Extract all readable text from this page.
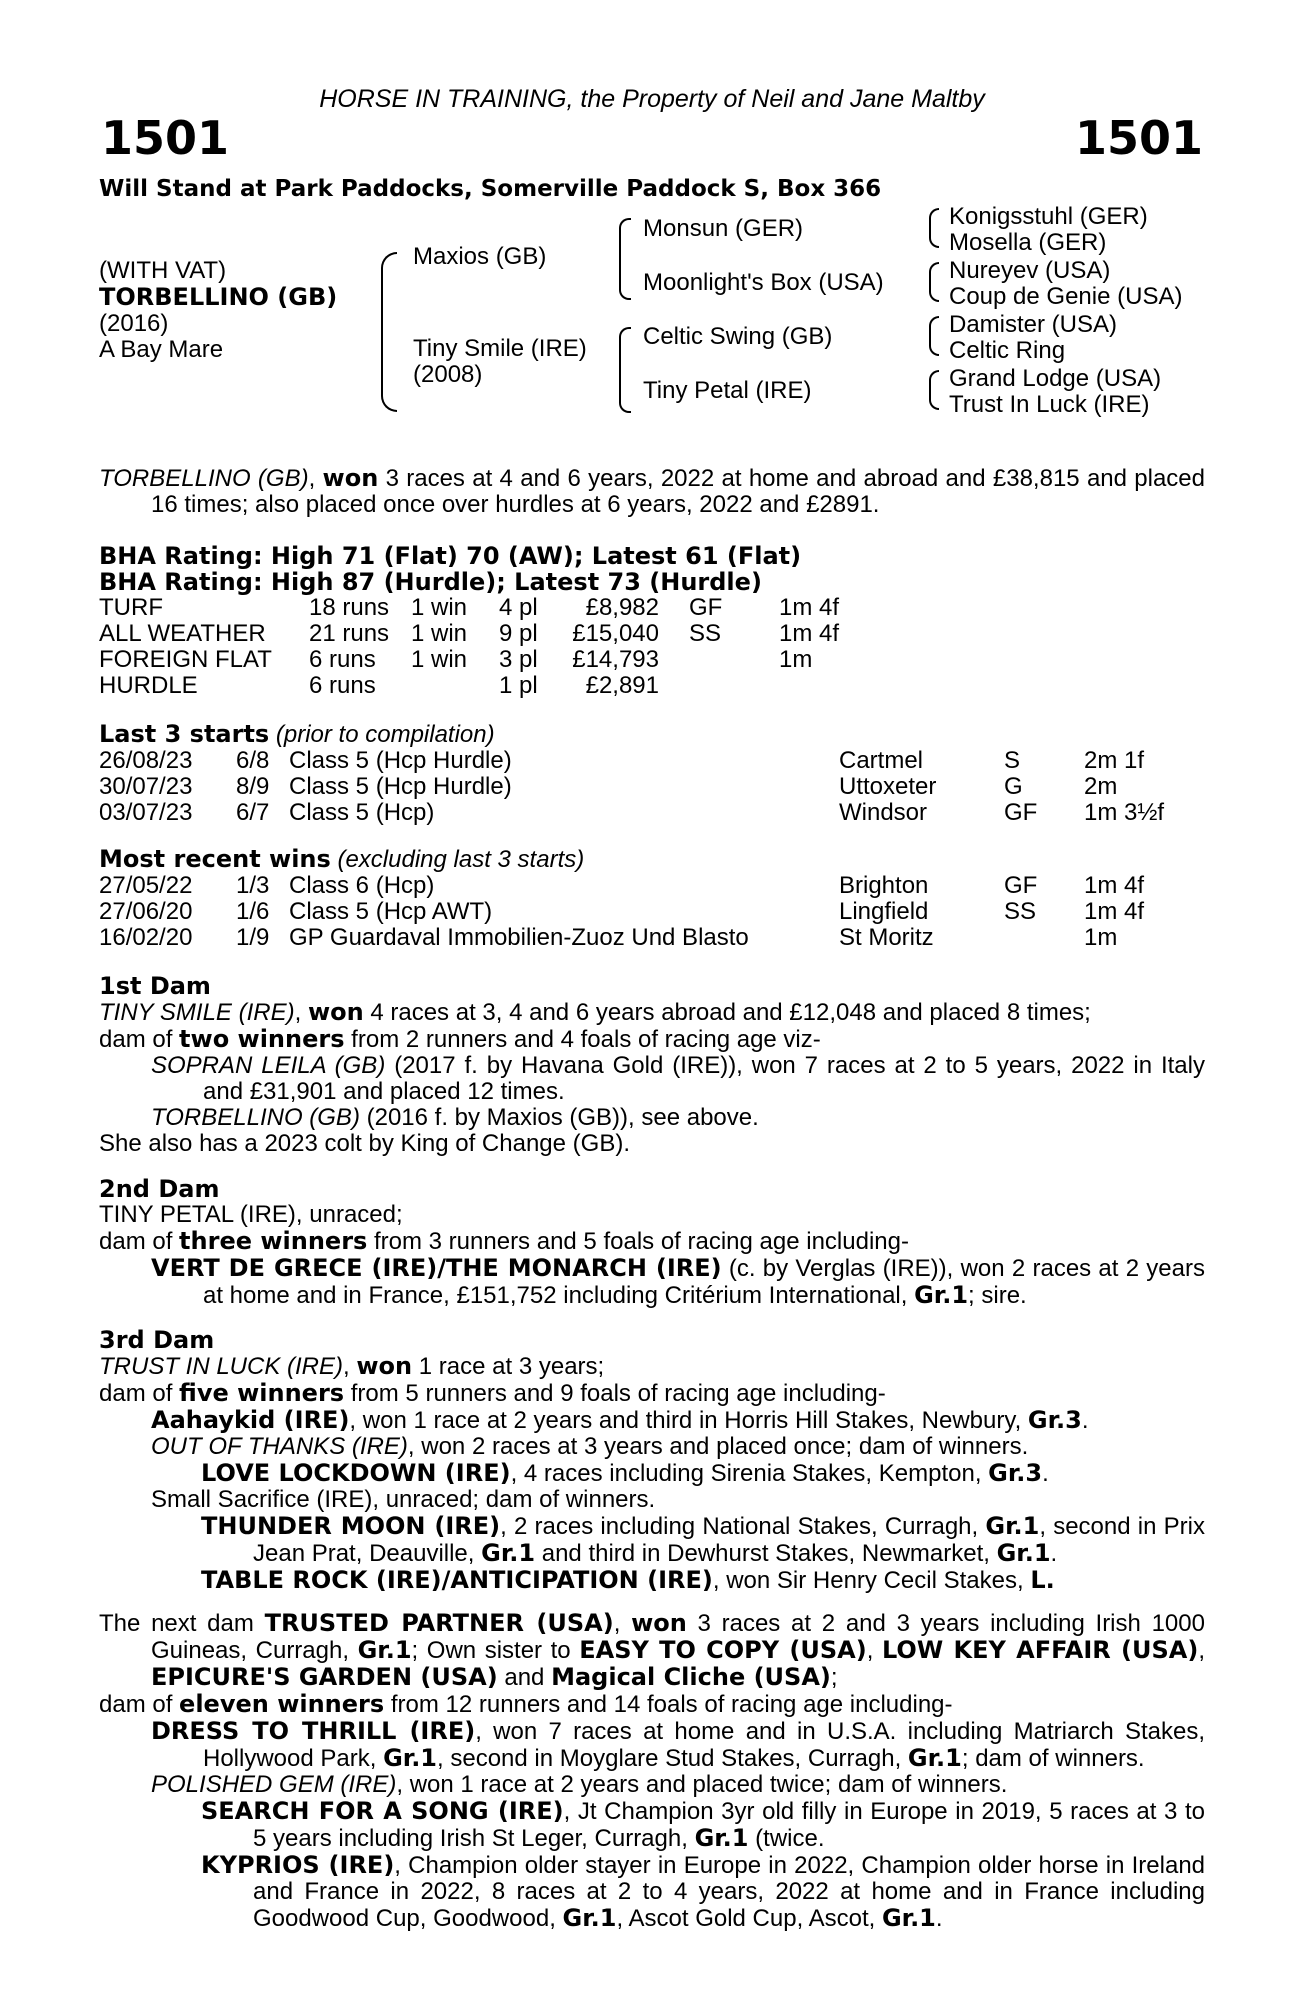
HORSE IN TRAINING, the Property of Neil and Jane Maltby
1501	1501
Will Stand at Park Paddocks, Somerville Paddock S, Box 366
(WITH VAT)
TORBELLINO (GB)
(2016)
A Bay Mare
Maxios (GB)
Tiny Smile (IRE)
(2008)
Monsun (GER)
Moonlight's Box (USA)
Celtic Swing (GB)
Tiny Petal (IRE)
Konigsstuhl (GER)
Mosella (GER)
Nureyev (USA)
Coup de Genie (USA)
Damister (USA)
Celtic Ring
Grand Lodge (USA)
Trust In Luck (IRE)

TORBELLINO (GB), won 3 races at 4 and 6 years, 2022 at home and abroad and £38,815 and placed 16 times; also placed once over hurdles at 6 years, 2022 and £2891.

BHA Rating: High 71 (Flat) 70 (AW); Latest 61 (Flat)
BHA Rating: High 87 (Hurdle); Latest 73 (Hurdle)
TURF	18 runs 1 win 4 pl £8,982 GF 1m 4f
ALL WEATHER 21 runs 1 win 9 pl £15,040 SS 1m 4f
FOREIGN FLAT 6 runs 1 win 3 pl £14,793	1m
HURDLE	6 runs	1 pl £2,891
Last 3 starts (prior to compilation)
26/08/23 6/8 Class 5 (Hcp Hurdle)	Cartmel	S	2m 1f
30/07/23 8/9 Class 5 (Hcp Hurdle)	Uttoxeter	G	2m
03/07/23 6/7 Class 5 (Hcp)	Windsor	GF 1m 3½f
Most recent wins (excluding last 3 starts)
27/05/22 1/3 Class 6 (Hcp)	Brighton	GF 1m 4f
27/06/20 1/6 Class 5 (Hcp AWT)	Lingfield	SS 1m 4f
16/02/20 1/9 GP Guardaval Immobilien-Zuoz Und Blasto	St Moritz	1m
1st Dam

TINY SMILE (IRE), won 4 races at 3, 4 and 6 years abroad and £12,048 and placed 8 times;

dam of two winners from 2 runners and 4 foals of racing age viz-

SOPRAN LEILA (GB) (2017 f. by Havana Gold (IRE)), won 7 races at 2 to 5 years, 2022 in Italy and £31,901 and placed 12 times.

TORBELLINO (GB) (2016 f. by Maxios (GB)), see above.

She also has a 2023 colt by King of Change (GB).

2nd Dam

TINY PETAL (IRE), unraced;

dam of three winners from 3 runners and 5 foals of racing age including-

VERT DE GRECE (IRE)/THE MONARCH (IRE) (c. by Verglas (IRE)), won 2 races at 2 years at home and in France, £151,752 including Critérium International, Gr.1; sire.

3rd Dam

TRUST IN LUCK (IRE), won 1 race at 3 years;

dam of five winners from 5 runners and 9 foals of racing age including-

Aahaykid (IRE), won 1 race at 2 years and third in Horris Hill Stakes, Newbury, Gr.3.

OUT OF THANKS (IRE), won 2 races at 3 years and placed once; dam of winners.

LOVE LOCKDOWN (IRE), 4 races including Sirenia Stakes, Kempton, Gr.3.

Small Sacrifice (IRE), unraced; dam of winners.

THUNDER MOON (IRE), 2 races including National Stakes, Curragh, Gr.1, second in Prix Jean Prat, Deauville, Gr.1 and third in Dewhurst Stakes, Newmarket, Gr.1.

TABLE ROCK (IRE)/ANTICIPATION (IRE), won Sir Henry Cecil Stakes, L.

The next dam TRUSTED PARTNER (USA), won 3 races at 2 and 3 years including Irish 1000 Guineas, Curragh, Gr.1; Own sister to EASY TO COPY (USA), LOW KEY AFFAIR (USA), EPICURE'S GARDEN (USA) and Magical Cliche (USA);

dam of eleven winners from 12 runners and 14 foals of racing age including-

DRESS TO THRILL (IRE), won 7 races at home and in U.S.A. including Matriarch Stakes, Hollywood Park, Gr.1, second in Moyglare Stud Stakes, Curragh, Gr.1; dam of winners.

POLISHED GEM (IRE), won 1 race at 2 years and placed twice; dam of winners.

SEARCH FOR A SONG (IRE), Jt Champion 3yr old filly in Europe in 2019, 5 races at 3 to 5 years including Irish St Leger, Curragh, Gr.1 (twice.

KYPRIOS (IRE), Champion older stayer in Europe in 2022, Champion older horse in Ireland and France in 2022, 8 races at 2 to 4 years, 2022 at home and in France including Goodwood Cup, Goodwood, Gr.1, Ascot Gold Cup, Ascot, Gr.1.
